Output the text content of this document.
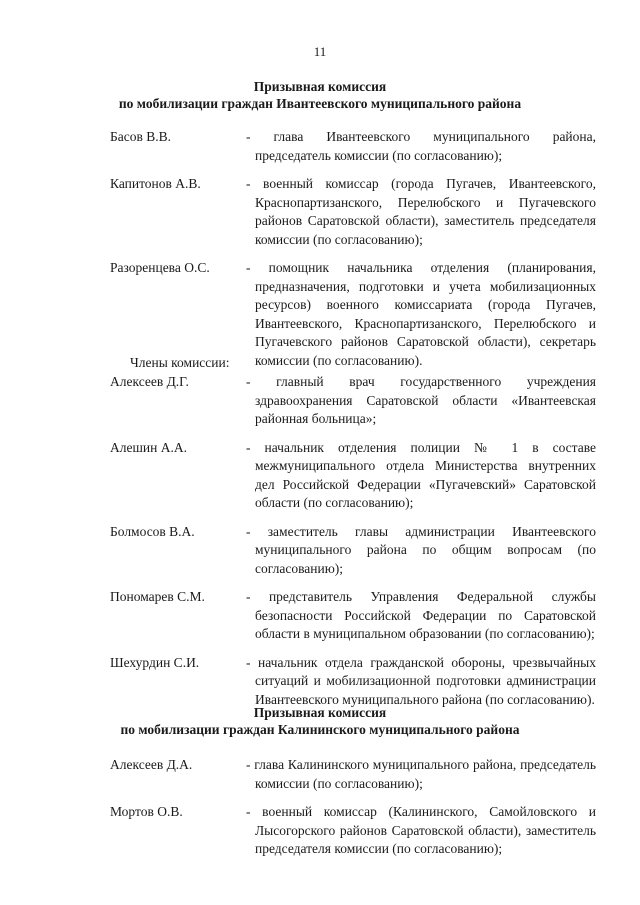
11
Призывная комиссия
по мобилизации граждан Ивантеевского муниципального района
Басов В.В.	- глава Ивантеевского муниципального района, председатель комиссии (по согласованию);
Капитонов А.В.	- военный комиссар (города Пугачев, Ивантеевского, Краснопартизанского, Перелюбского и Пугачевского районов Саратовской области), заместитель председателя комиссии (по согласованию);
Разоренцева О.С.	- помощник начальника отделения (планирования, предназначения, подготовки и учета мобилизационных ресурсов) военного комиссариата (города Пугачев, Ивантеевского, Краснопартизанского, Перелюбского и Пугачевского районов Саратовской области), секретарь комиссии (по согласованию).
Члены комиссии:
Алексеев Д.Г.	- главный врач государственного учреждения здравоохранения Саратовской области «Ивантеевская районная больница»;
Алешин А.А.	- начальник отделения полиции № 1 в составе межмуниципального отдела Министерства внутренних дел Российской Федерации «Пугачевский» Саратовской области (по согласованию);
Болмосов В.А.	- заместитель главы администрации Ивантеевского муниципального района по общим вопросам (по согласованию);
Пономарев С.М.	- представитель Управления Федеральной службы безопасности Российской Федерации по Саратовской области в муниципальном образовании (по согласованию);
Шехурдин С.И.	- начальник отдела гражданской обороны, чрезвычайных ситуаций и мобилизационной подготовки администрации Ивантеевского муниципального района (по согласованию).
Призывная комиссия
по мобилизации граждан Калининского муниципального района
Алексеев Д.А.	- глава Калининского муниципального района, председатель комиссии (по согласованию);
Мортов О.В.	- военный комиссар (Калининского, Самойловского и Лысогорского районов Саратовской области), заместитель председателя комиссии (по согласованию);
